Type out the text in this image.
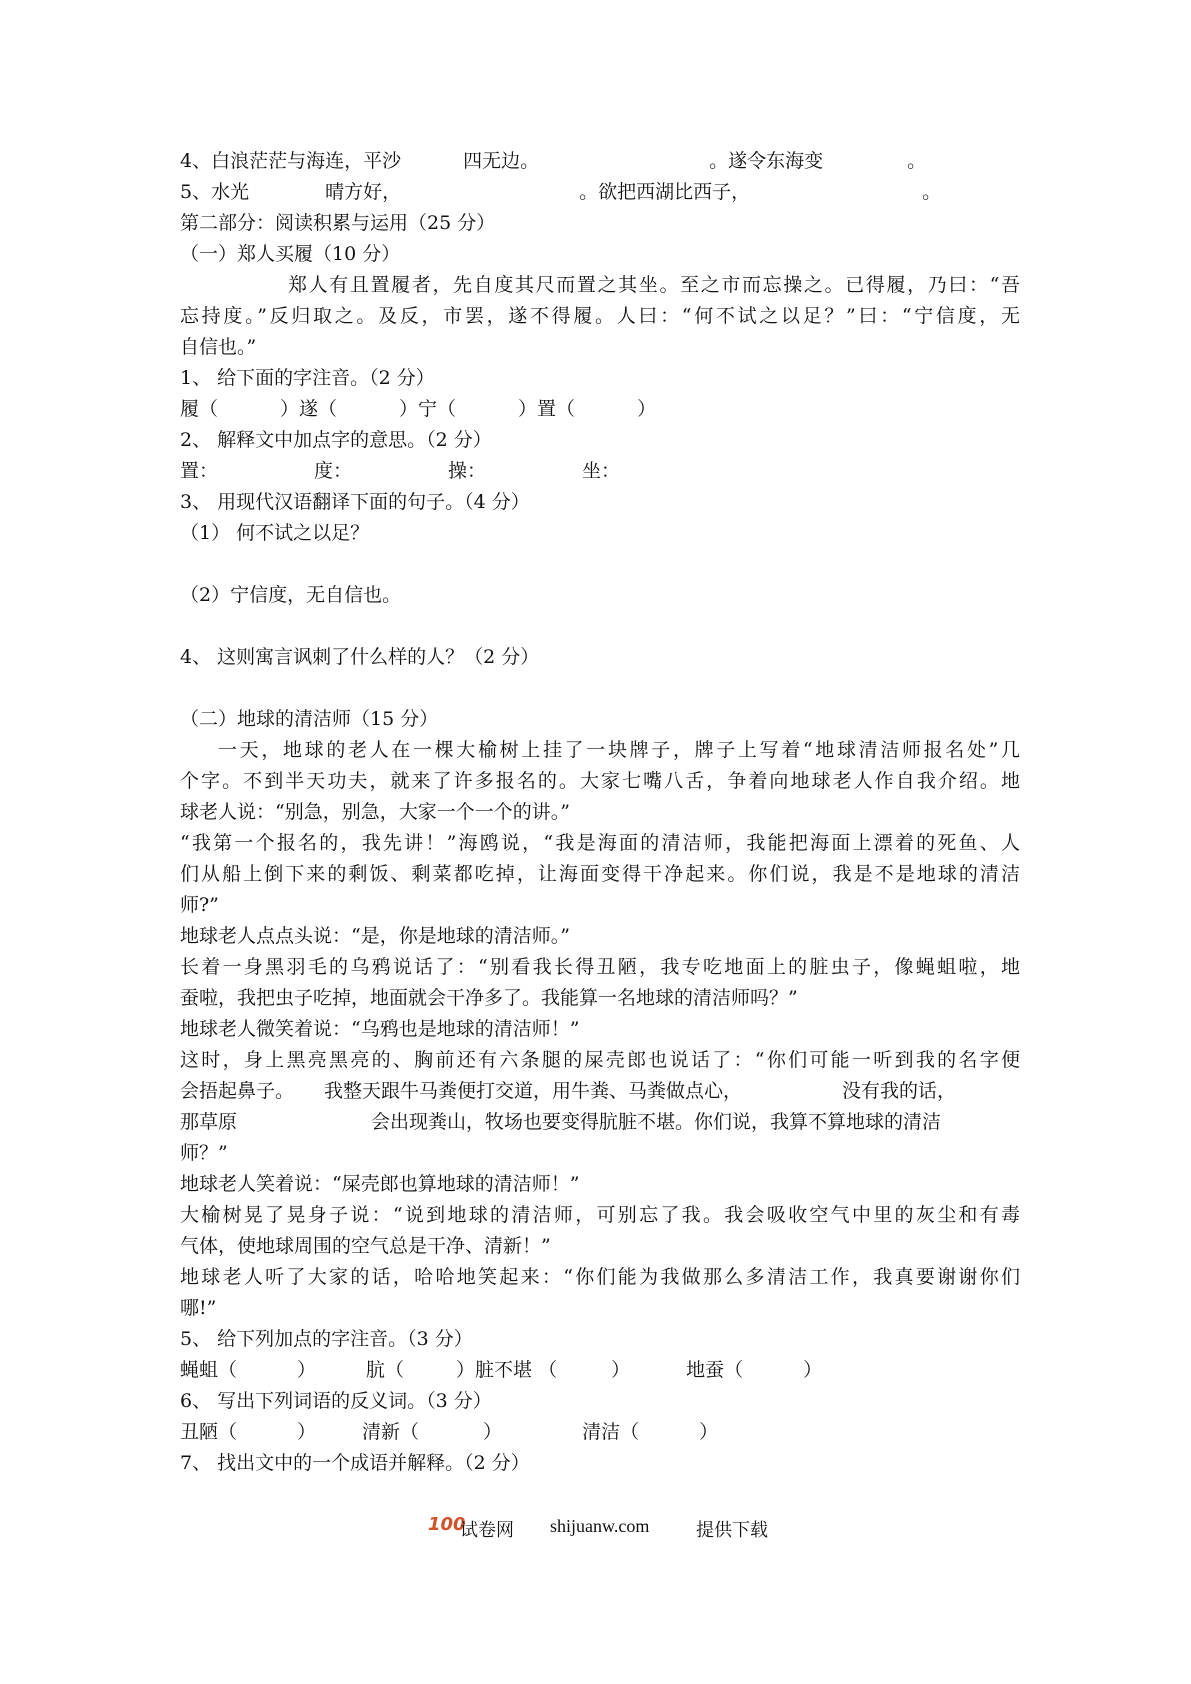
4、白浪茫茫与海连，平沙	四无边。	。遂令东海变	。
5、水光	晴方好，	。欲把西湖比西子，	。
第二部分：阅读积累与运用（25 分）
（一）郑人买履（10 分）
郑人有且置履者，先自度其尺而置之其坐。至之市而忘操之。已得履，乃曰：“吾
忘持度。”反归取之。及反，市罢，遂不得履。人曰：“何不试之以足？”曰：“宁信度，无
自信也。”
1、 给下面的字注音。（2 分）
履（	）遂（	）宁（	）置（	）
2、 解释文中加点字的意思。（2 分）
置：	度：	操：	坐：
3、 用现代汉语翻译下面的句子。（4 分）
（1） 何不试之以足？
（2）宁信度，无自信也。
4、 这则寓言讽刺了什么样的人？（2 分）
（二）地球的清洁师（15 分）
一天，地球的老人在一棵大榆树上挂了一块牌子，牌子上写着“地球清洁师报名处”几
个字。不到半天功夫，就来了许多报名的。大家七嘴八舌，争着向地球老人作自我介绍。地
球老人说：“别急，别急，大家一个一个的讲。”
“我第一个报名的，我先讲！”海鸥说，“我是海面的清洁师，我能把海面上漂着的死鱼、人
们从船上倒下来的剩饭、剩菜都吃掉，让海面变得干净起来。你们说，我是不是地球的清洁
师?”
地球老人点点头说：“是，你是地球的清洁师。”
长着一身黑羽毛的乌鸦说话了：“别看我长得丑陋，我专吃地面上的脏虫子，像蝇蛆啦，地
蚕啦，我把虫子吃掉，地面就会干净多了。我能算一名地球的清洁师吗？”
地球老人微笑着说：“乌鸦也是地球的清洁师！”
这时，身上黑亮黑亮的、胸前还有六条腿的屎壳郎也说话了：“你们可能一听到我的名字便
会捂起鼻子。 我整天跟牛马粪便打交道，用牛粪、马粪做点心，	没有我的话，
那草原	会出现粪山，牧场也要变得肮脏不堪。你们说，我算不算地球的清洁
师？”
地球老人笑着说：“屎壳郎也算地球的清洁师！”
大榆树晃了晃身子说：“说到地球的清洁师，可别忘了我。我会吸收空气中里的灰尘和有毒
气体，使地球周围的空气总是干净、清新！”
地球老人听了大家的话，哈哈地笑起来：“你们能为我做那么多清洁工作，我真要谢谢你们
哪!”
5、 给下列加点的字注音。（3 分）
蝇蛆（	）	肮（	）脏不堪 （	）	地蚕（	）
6、 写出下列词语的反义词。（3 分）
丑陋（	） 清新（	）	清洁（	）
7、 找出文中的一个成语并解释。（2 分）
100
试卷网 shijuanw.com	提供下载
